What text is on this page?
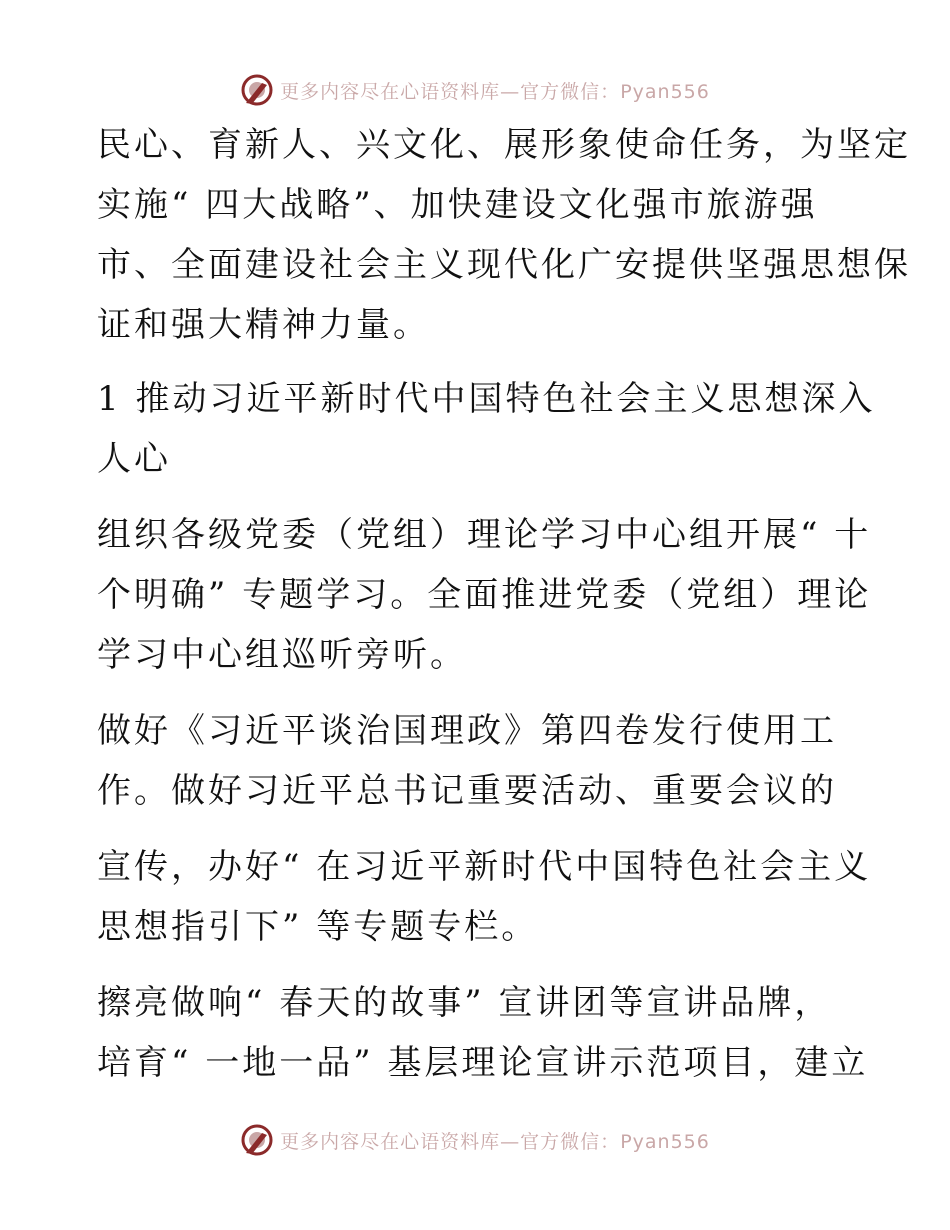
更多内容尽在心语资料库—官方微信：Pyan556
民心、育新人、兴文化、展形象使命任务，为坚定
实施“ 四大战略”、加快建设文化强市旅游强
市、全面建设社会主义现代化广安提供坚强思想保
证和强大精神力量。
1 推动习近平新时代中国特色社会主义思想深入
人心
组织各级党委（党组）理论学习中心组开展“ 十
个明确” 专题学习。全面推进党委（党组）理论
学习中心组巡听旁听。
做好《习近平谈治国理政》第四卷发行使用工
作。做好习近平总书记重要活动、重要会议的
宣传，办好“ 在习近平新时代中国特色社会主义
思想指引下” 等专题专栏。
擦亮做响“ 春天的故事” 宣讲团等宣讲品牌，
培育“ 一地一品” 基层理论宣讲示范项目，建立
更多内容尽在心语资料库—官方微信：Pyan556
